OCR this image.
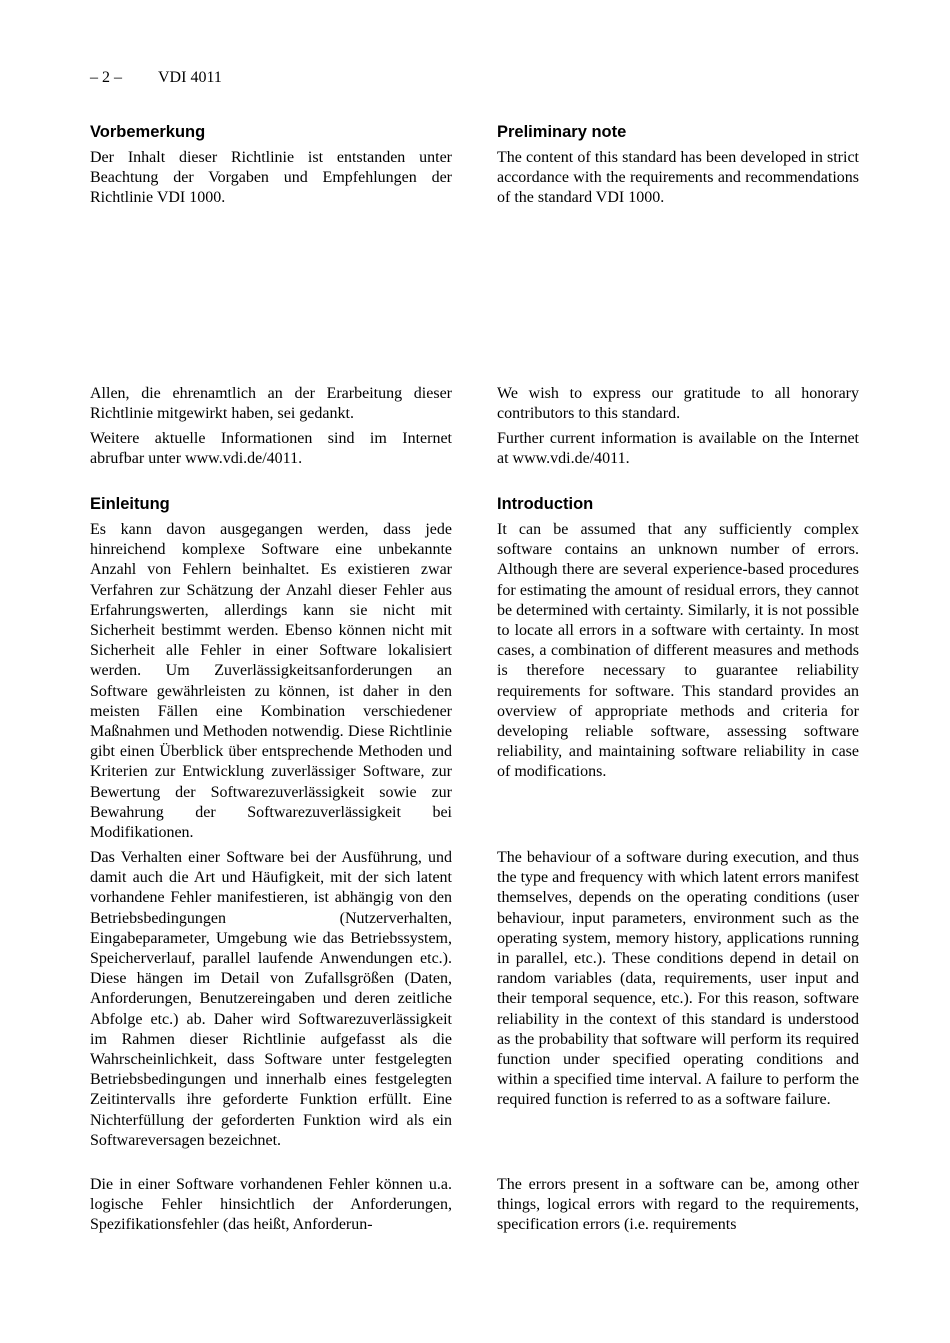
– 2 – VDI 4011
Vorbemerkung

Der Inhalt dieser Richtlinie ist entstanden unter Beachtung der Vorgaben und Empfehlungen der Richtlinie VDI 1000.

Allen, die ehrenamtlich an der Erarbeitung dieser Richtlinie mitgewirkt haben, sei gedankt.

Weitere aktuelle Informationen sind im Internet abrufbar unter www.vdi.de/4011.

Einleitung

Es kann davon ausgegangen werden, dass jede hinreichend komplexe Software eine unbekannte Anzahl von Fehlern beinhaltet. Es existieren zwar Verfahren zur Schätzung der Anzahl dieser Fehler aus Erfahrungswerten, allerdings kann sie nicht mit Sicherheit bestimmt werden. Ebenso können nicht mit Sicherheit alle Fehler in einer Software lokalisiert werden. Um Zuverlässigkeitsanforderungen an Software gewährleisten zu können, ist daher in den meisten Fällen eine Kombination verschiedener Maßnahmen und Methoden notwendig. Diese Richtlinie gibt einen Überblick über entsprechende Methoden und Kriterien zur Entwicklung zuverlässiger Software, zur Bewertung der Softwarezuverlässigkeit sowie zur Bewahrung der Softwarezuverlässigkeit bei Modifikationen.

Das Verhalten einer Software bei der Ausführung, und damit auch die Art und Häufigkeit, mit der sich latent vorhandene Fehler manifestieren, ist abhängig von den Betriebsbedingungen (Nutzerverhalten, Eingabeparameter, Umgebung wie das Betriebssystem, Speicherverlauf, parallel laufende Anwendungen etc.). Diese hängen im Detail von Zufallsgrößen (Daten, Anforderungen, Benutzereingaben und deren zeitliche Abfolge etc.) ab. Daher wird Softwarezuverlässigkeit im Rahmen dieser Richtlinie aufgefasst als die Wahrscheinlichkeit, dass Software unter festgelegten Betriebsbedingungen und innerhalb eines festgelegten Zeitintervalls ihre geforderte Funktion erfüllt. Eine Nichterfüllung der geforderten Funktion wird als ein Softwareversagen bezeichnet.

Die in einer Software vorhandenen Fehler können u.a. logische Fehler hinsichtlich der Anforderungen, Spezifikationsfehler (das heißt, Anforderun-

Preliminary note

The content of this standard has been developed in strict accordance with the requirements and recommendations of the standard VDI 1000.

We wish to express our gratitude to all honorary contributors to this standard.

Further current information is available on the Internet at www.vdi.de/4011.

Introduction

It can be assumed that any sufficiently complex software contains an unknown number of errors. Although there are several experience-based procedures for estimating the amount of residual errors, they cannot be determined with certainty. Similarly, it is not possible to locate all errors in a software with certainty. In most cases, a combination of different measures and methods is therefore necessary to guarantee reliability requirements for software. This standard provides an overview of appropriate methods and criteria for developing reliable software, assessing software reliability, and maintaining software reliability in case of modifications.

The behaviour of a software during execution, and thus the type and frequency with which latent errors manifest themselves, depends on the operating conditions (user behaviour, input parameters, environment such as the operating system, memory history, applications running in parallel, etc.). These conditions depend in detail on random variables (data, requirements, user input and their temporal sequence, etc.). For this reason, software reliability in the context of this standard is understood as the probability that software will perform its required function under specified operating conditions and within a specified time interval. A failure to perform the required function is referred to as a software failure.

The errors present in a software can be, among other things, logical errors with regard to the requirements, specification errors (i.e. requirements
